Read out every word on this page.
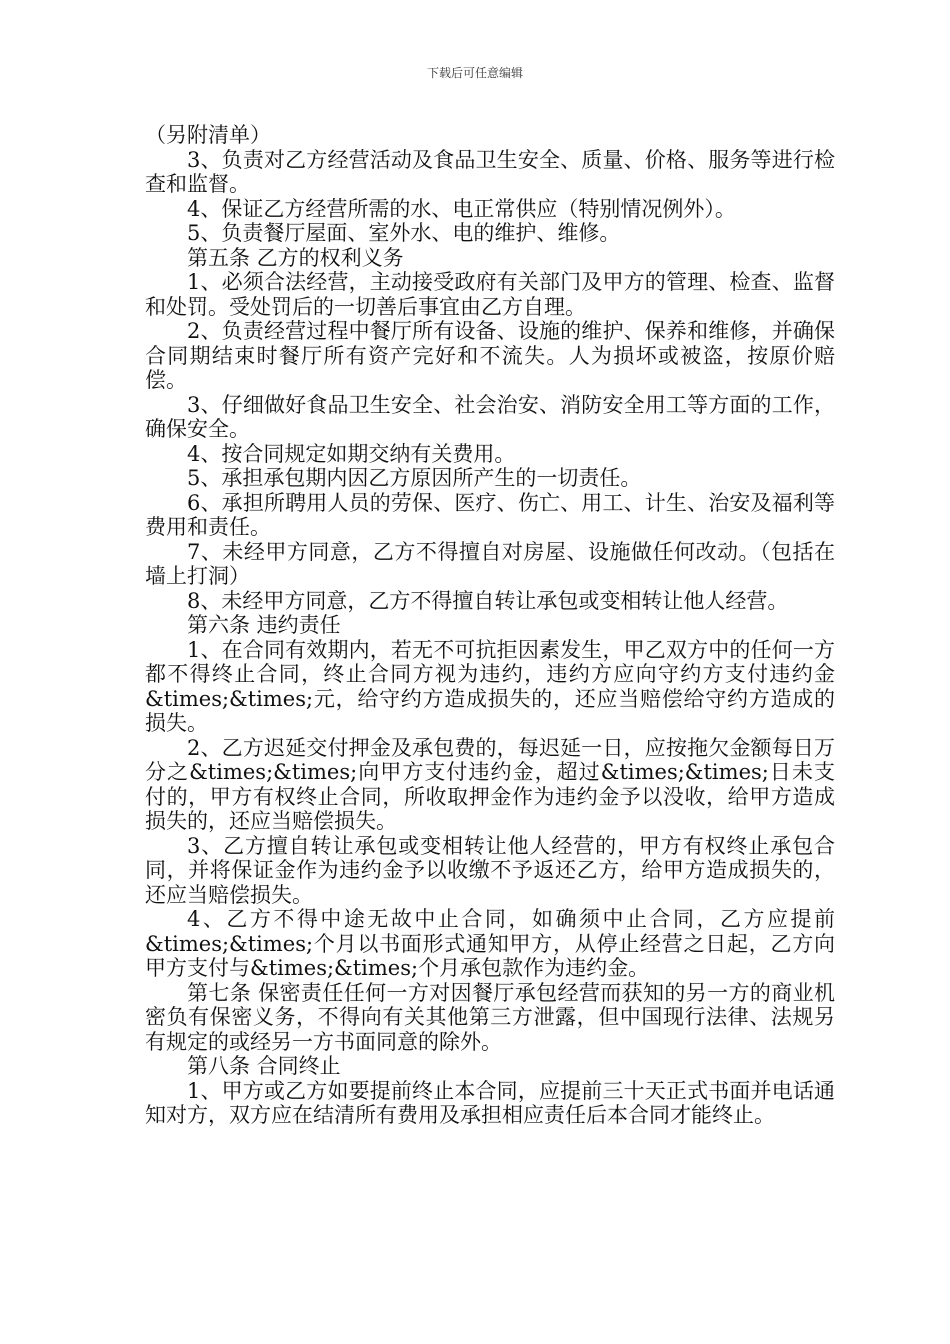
下载后可任意编辑

（另附清单）

3、负责对乙方经营活动及食品卫生安全、质量、价格、服务等进行检查和监督。

4、保证乙方经营所需的水、电正常供应（特别情况例外）。

5、负责餐厅屋面、室外水、电的维护、维修。

第五条 乙方的权利义务

1、必须合法经营，主动接受政府有关部门及甲方的管理、检查、监督和处罚。受处罚后的一切善后事宜由乙方自理。

2、负责经营过程中餐厅所有设备、设施的维护、保养和维修，并确保合同期结束时餐厅所有资产完好和不流失。人为损坏或被盗，按原价赔偿。

3、仔细做好食品卫生安全、社会治安、消防安全用工等方面的工作，确保安全。

4、按合同规定如期交纳有关费用。

5、承担承包期内因乙方原因所产生的一切责任。

6、承担所聘用人员的劳保、医疗、伤亡、用工、计生、治安及福利等费用和责任。

7、未经甲方同意，乙方不得擅自对房屋、设施做任何改动。（包括在墙上打洞）

8、未经甲方同意，乙方不得擅自转让承包或变相转让他人经营。

第六条 违约责任

1、在合同有效期内，若无不可抗拒因素发生，甲乙双方中的任何一方都不得终止合同，终止合同方视为违约，违约方应向守约方支付违约金&times;&times;元，给守约方造成损失的，还应当赔偿给守约方造成的损失。

2、乙方迟延交付押金及承包费的，每迟延一日，应按拖欠金额每日万分之&times;&times;向甲方支付违约金，超过&times;&times;日未支付的，甲方有权终止合同，所收取押金作为违约金予以没收，给甲方造成损失的，还应当赔偿损失。

3、乙方擅自转让承包或变相转让他人经营的，甲方有权终止承包合同，并将保证金作为违约金予以收缴不予返还乙方，给甲方造成损失的，还应当赔偿损失。

4、乙方不得中途无故中止合同，如确须中止合同，乙方应提前&times;&times;个月以书面形式通知甲方，从停止经营之日起，乙方向甲方支付与&times;&times;个月承包款作为违约金。

第七条 保密责任任何一方对因餐厅承包经营而获知的另一方的商业机密负有保密义务，不得向有关其他第三方泄露，但中国现行法律、法规另有规定的或经另一方书面同意的除外。

第八条 合同终止

1、甲方或乙方如要提前终止本合同，应提前三十天正式书面并电话通知对方，双方应在结清所有费用及承担相应责任后本合同才能终止。
